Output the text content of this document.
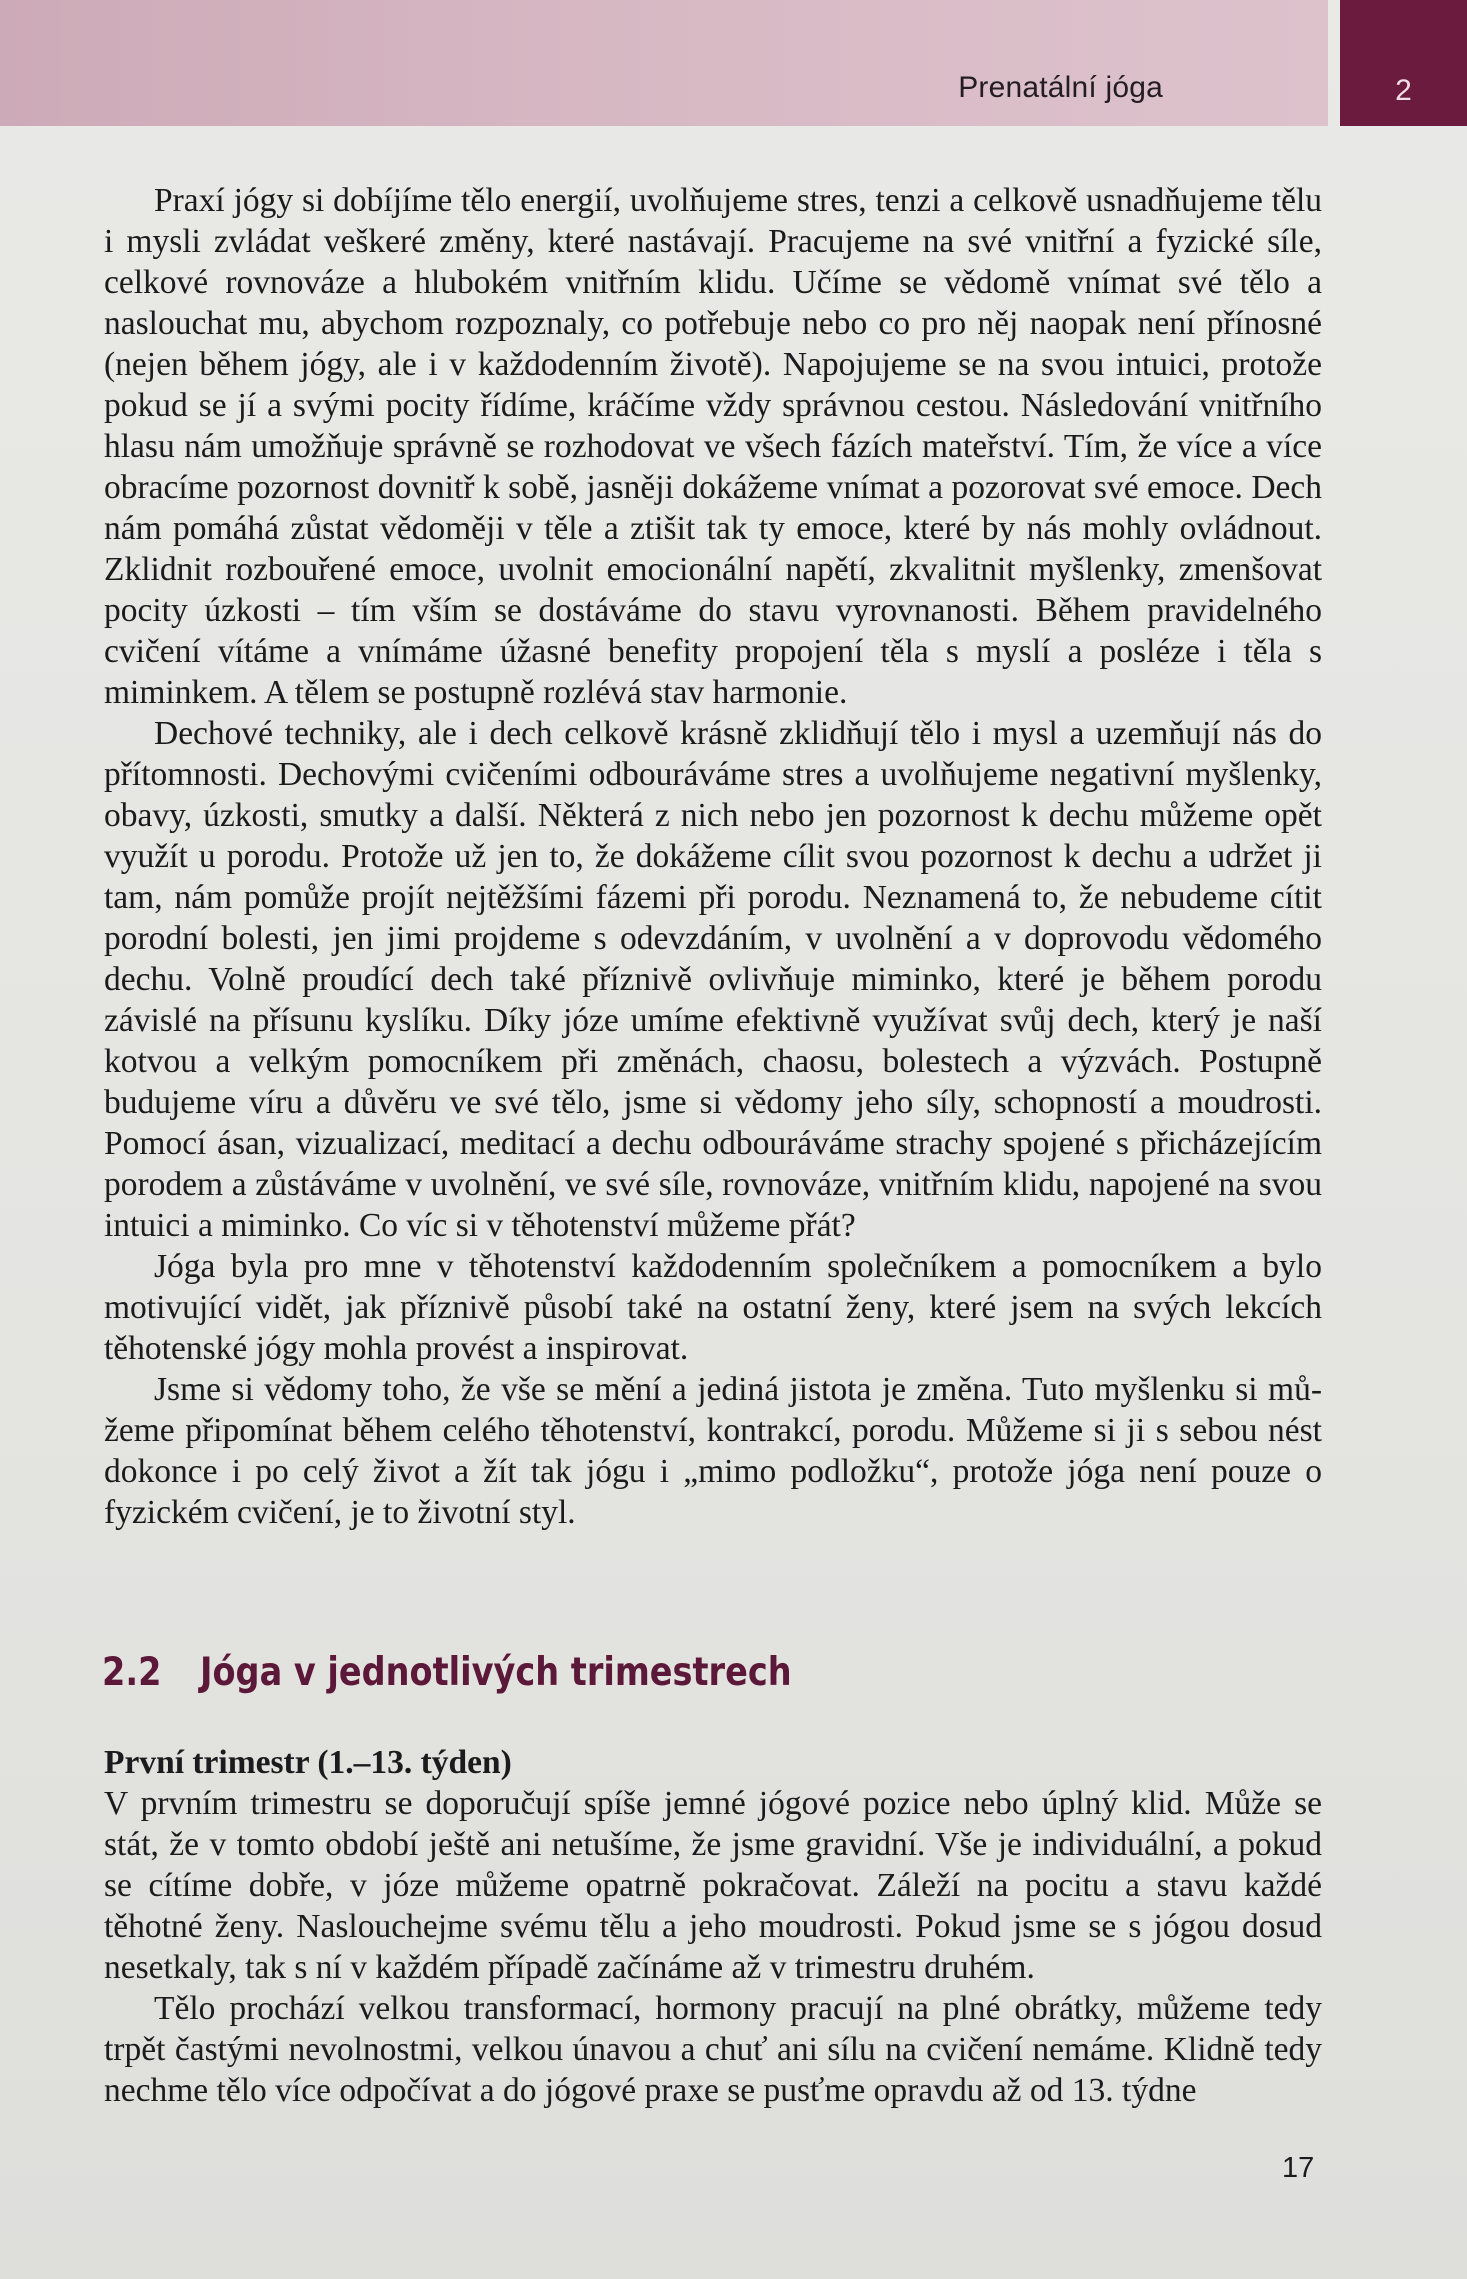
Prenatální jóga	2

Praxí jógy si dobíjíme tělo energií, uvolňujeme stres, tenzi a celkově usnadňujeme tělu i mysli zvládat veškeré změny, které nastávají. Pracujeme na své vnitřní a fyzické síle, celkové rovnováze a hlubokém vnitřním klidu. Učíme se vědomě vnímat své tělo a naslouchat mu, abychom rozpoznaly, co potřebuje nebo co pro něj naopak není přínosné (nejen během jógy, ale i v každodenním životě). Napojujeme se na svou intuici, protože pokud se jí a svými pocity řídíme, kráčíme vždy správnou cestou. Následování vnitřního hlasu nám umožňuje správně se rozhodovat ve všech fázích mateřství. Tím, že více a více obracíme pozornost dovnitř k sobě, jasněji dokážeme vnímat a pozorovat své emoce. Dech nám pomáhá zůstat vědoměji v těle a ztišit tak ty emoce, které by nás mohly ovládnout. Zklidnit rozbouřené emoce, uvolnit emocionální napětí, zkvalitnit myšlenky, zmenšovat pocity úzkosti – tím vším se dostáváme do stavu vyrovnanosti. Během pravidelného cvičení vítáme a vnímáme úžasné benefity propojení těla s myslí a posléze i těla s miminkem. A tělem se postupně rozlévá stav harmonie.

Dechové techniky, ale i dech celkově krásně zklidňují tělo i mysl a uzemňují nás do přítomnosti. Dechovými cvičeními odbouráváme stres a uvolňujeme negativní myšlenky, obavy, úzkosti, smutky a další. Některá z nich nebo jen pozornost k dechu můžeme opět využít u porodu. Protože už jen to, že dokážeme cílit svou pozornost k dechu a udržet ji tam, nám pomůže projít nejtěžšími fázemi při porodu. Neznamená to, že nebudeme cítit porodní bolesti, jen jimi projdeme s odevzdáním, v uvolnění a v doprovodu vědomého dechu. Volně proudící dech také příznivě ovlivňuje miminko, které je během porodu závislé na přísunu kyslíku. Díky józe umíme efektivně využívat svůj dech, který je naší kotvou a velkým pomocníkem při změnách, chaosu, bolestech a výzvách. Postupně budujeme víru a důvěru ve své tělo, jsme si vědomy jeho síly, schopností a moudrosti. Pomocí ásan, vizualizací, meditací a dechu odbouráváme strachy spojené s přicházejícím porodem a zůstáváme v uvolnění, ve své síle, rovnováze, vnitřním klidu, napojené na svou intuici a miminko. Co víc si v těhotenství můžeme přát?

Jóga byla pro mne v těhotenství každodenním společníkem a pomocníkem a bylo motivující vidět, jak příznivě působí také na ostatní ženy, které jsem na svých lekcích těhotenské jógy mohla provést a inspirovat.

Jsme si vědomy toho, že vše se mění a jediná jistota je změna. Tuto myšlenku si můžeme připomínat během celého těhotenství, kontrakcí, porodu. Můžeme si ji s sebou nést dokonce i po celý život a žít tak jógu i „mimo podložku“, protože jóga není pouze o fyzickém cvičení, je to životní styl.

2.2 Jóga v jednotlivých trimestrech
První trimestr (1.–13. týden)

V prvním trimestru se doporučují spíše jemné jógové pozice nebo úplný klid. Může se stát, že v tomto období ještě ani netušíme, že jsme gravidní. Vše je individuální, a pokud se cítíme dobře, v józe můžeme opatrně pokračovat. Záleží na pocitu a stavu každé těhotné ženy. Naslouchejme svému tělu a jeho moudrosti. Pokud jsme se s jógou dosud nesetkaly, tak s ní v každém případě začínáme až v trimestru druhém.

Tělo prochází velkou transformací, hormony pracují na plné obrátky, můžeme tedy trpět častými nevolnostmi, velkou únavou a chuť ani sílu na cvičení nemáme. Klidně tedy nechme tělo více odpočívat a do jógové praxe se pusťme opravdu až od 13. týdne

17
